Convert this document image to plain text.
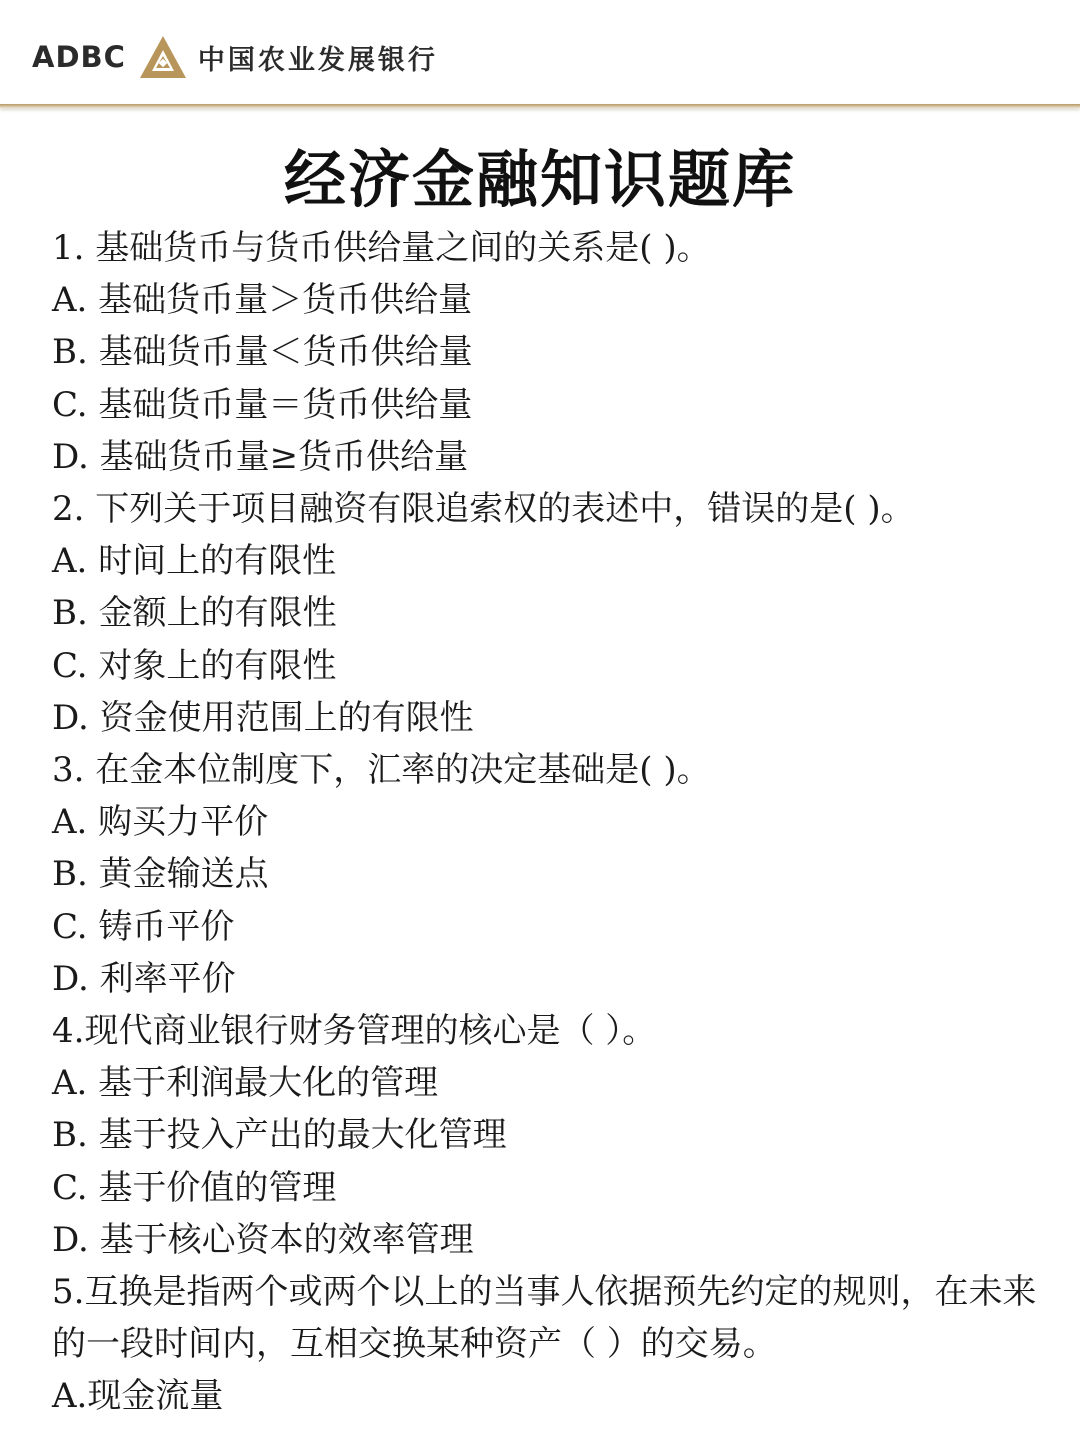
ADBC	中国农业发展银行
经济金融知识题库
1. 基础货币与货币供给量之间的关系是( )。
A. 基础货币量＞货币供给量
B. 基础货币量＜货币供给量
C. 基础货币量＝货币供给量
D. 基础货币量≥货币供给量
2. 下列关于项目融资有限追索权的表述中，错误的是( )。
A. 时间上的有限性
B. 金额上的有限性
C. 对象上的有限性
D. 资金使用范围上的有限性
3. 在金本位制度下，汇率的决定基础是( )。
A. 购买力平价
B. 黄金输送点
C. 铸币平价
D. 利率平价
4.现代商业银行财务管理的核心是（ ）。
A. 基于利润最大化的管理
B. 基于投入产出的最大化管理
C. 基于价值的管理
D. 基于核心资本的效率管理
5.互换是指两个或两个以上的当事人依据预先约定的规则，在未来的一段时间内，互相交换某种资产（ ）的交易。
A.现金流量
